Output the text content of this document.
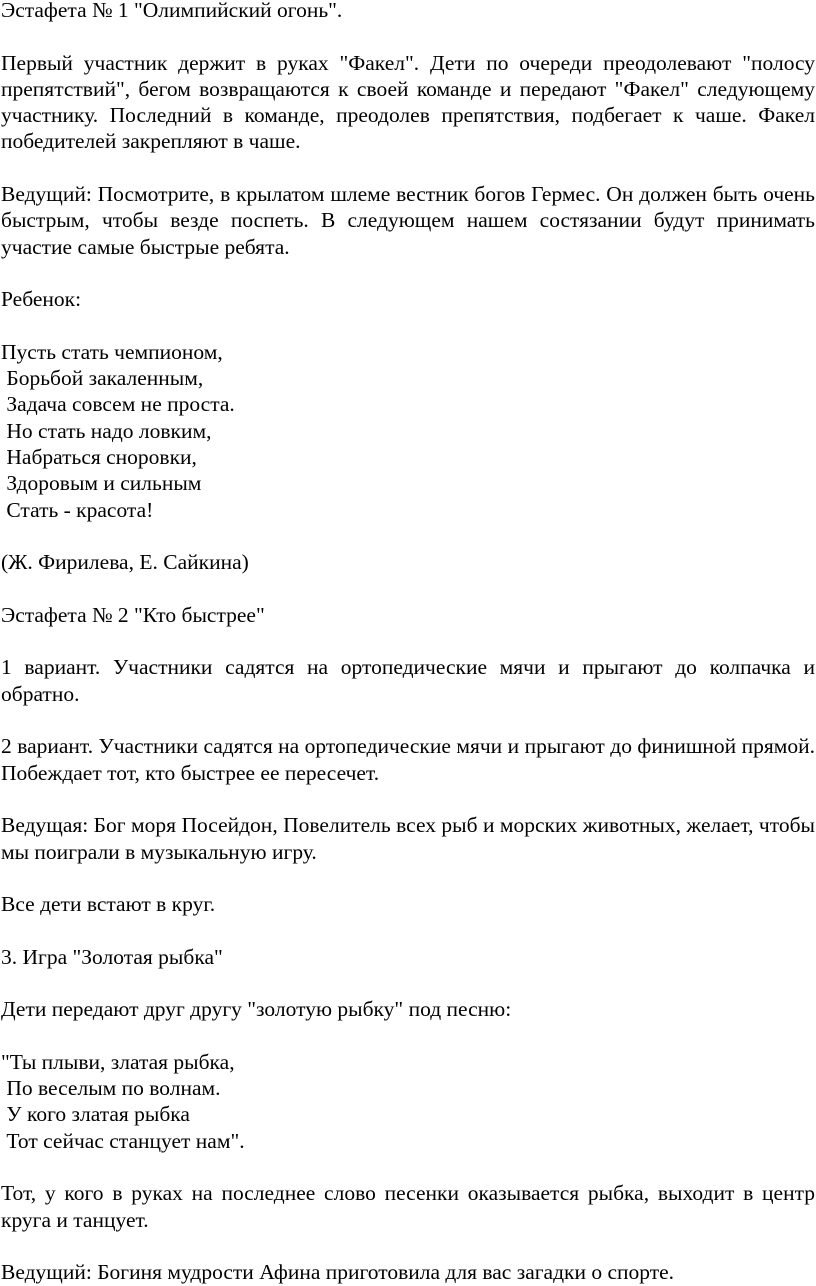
Эстафета № 1 "Олимпийский огонь".

Первый участник держит в руках "Факел". Дети по очереди преодолевают "полосу препятствий", бегом возвращаются к своей команде и передают "Факел" следующему участнику. Последний в команде, преодолев препятствия, подбегает к чаше. Факел победителей закрепляют в чаше.

Ведущий: Посмотрите, в крылатом шлеме вестник богов Гермес. Он должен быть очень быстрым, чтобы везде поспеть. В следующем нашем состязании будут принимать участие самые быстрые ребята.

Ребенок:

Пусть стать чемпионом,

Борьбой закаленным,

Задача совсем не проста.

Но стать надо ловким,

Набраться сноровки,

Здоровым и сильным

Стать - красота!

(Ж. Фирилева, Е. Сайкина)

Эстафета № 2 "Кто быстрее"

1 вариант. Участники садятся на ортопедические мячи и прыгают до колпачка и обратно.

2 вариант. Участники садятся на ортопедические мячи и прыгают до финишной прямой. Побеждает тот, кто быстрее ее пересечет.

Ведущая: Бог моря Посейдон, Повелитель всех рыб и морских животных, желает, чтобы мы поиграли в музыкальную игру.

Все дети встают в круг.

3. Игра "Золотая рыбка"

Дети передают друг другу "золотую рыбку" под песню:

"Ты плыви, златая рыбка,

По веселым по волнам.

У кого златая рыбка

Тот сейчас станцует нам".

Тот, у кого в руках на последнее слово песенки оказывается рыбка, выходит в центр круга и танцует.

Ведущий: Богиня мудрости Афина приготовила для вас загадки о спорте.
